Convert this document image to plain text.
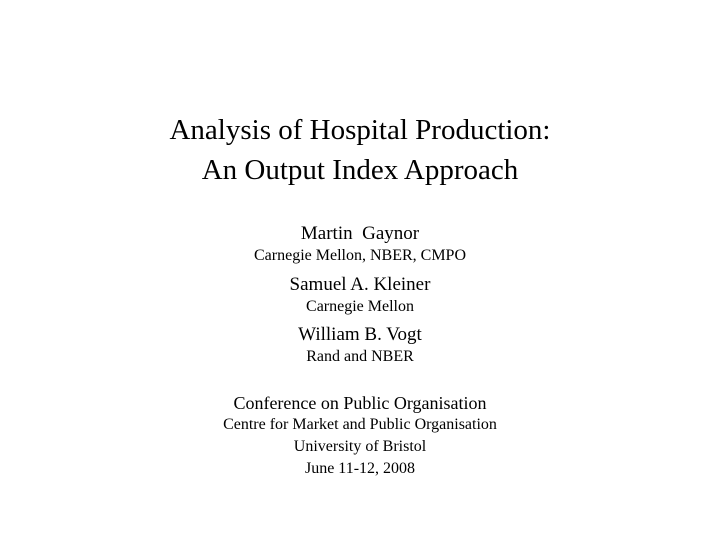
Analysis of Hospital Production:
An Output Index Approach
Martin  Gaynor
Carnegie Mellon, NBER, CMPO
Samuel A. Kleiner
Carnegie Mellon
William B. Vogt
Rand and NBER
Conference on Public Organisation
Centre for Market and Public Organisation
University of Bristol
June 11-12, 2008
